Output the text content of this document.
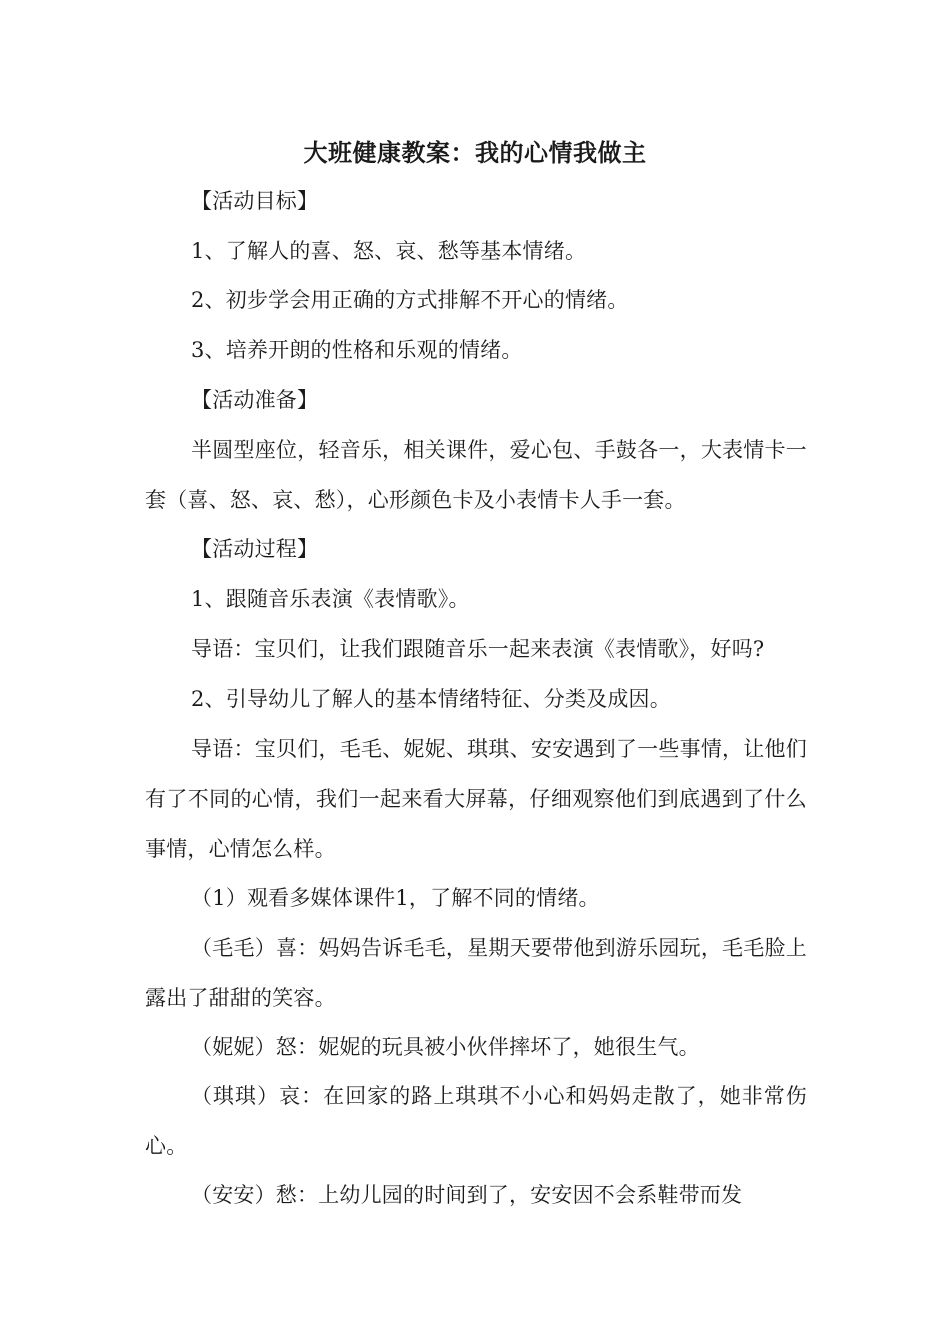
大班健康教案：我的心情我做主
【活动目标】
1、了解人的喜、怒、哀、愁等基本情绪。
2、初步学会用正确的方式排解不开心的情绪。
3、培养开朗的性格和乐观的情绪。
【活动准备】
半圆型座位，轻音乐，相关课件，爱心包、手鼓各一，大表情卡一套（喜、怒、哀、愁），心形颜色卡及小表情卡人手一套。
【活动过程】
1、跟随音乐表演《表情歌》。
导语：宝贝们，让我们跟随音乐一起来表演《表情歌》，好吗?
2、引导幼儿了解人的基本情绪特征、分类及成因。
导语：宝贝们，毛毛、妮妮、琪琪、安安遇到了一些事情，让他们有了不同的心情，我们一起来看大屏幕，仔细观察他们到底遇到了什么事情，心情怎么样。
（1）观看多媒体课件1，了解不同的情绪。
（毛毛）喜：妈妈告诉毛毛，星期天要带他到游乐园玩，毛毛脸上露出了甜甜的笑容。
（妮妮）怒：妮妮的玩具被小伙伴摔坏了，她很生气。
（琪琪）哀：在回家的路上琪琪不小心和妈妈走散了，她非常伤心。
（安安）愁：上幼儿园的时间到了，安安因不会系鞋带而发
